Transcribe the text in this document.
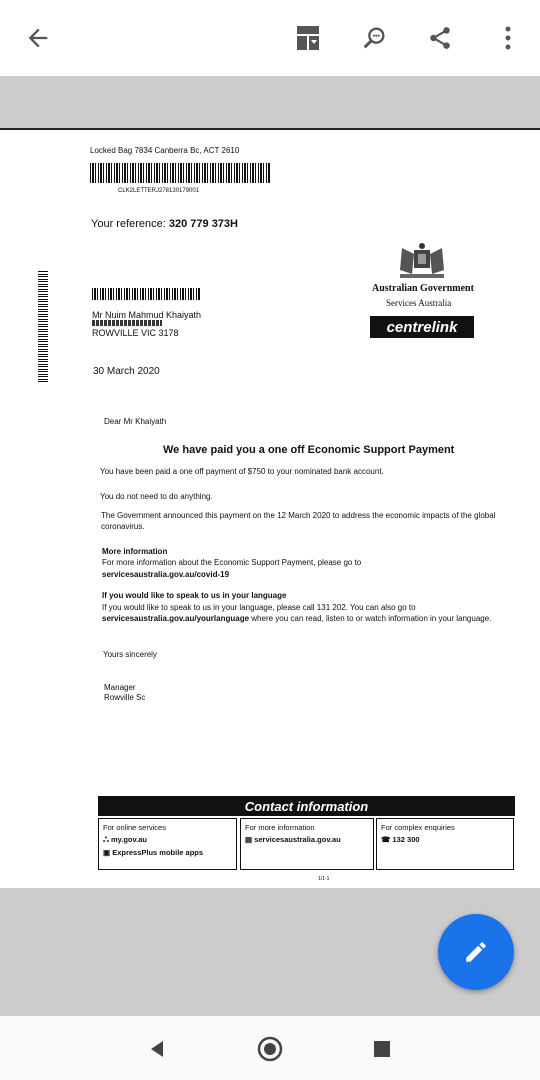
Locked Bag 7834 Canberra Bc, ACT 2610
CLK2LETTERJ278130179001
Your reference: 320 779 373H
Australian Government
Services Australia
centrelink
Mr Nuim Mahmud Khaiyath
ROWVILLE VIC 3178
30 March 2020
Dear Mr Khaiyath
We have paid you a one off Economic Support Payment
You have been paid a one off payment of $750 to your nominated bank account.
You do not need to do anything.
The Government announced this payment on the 12 March 2020 to address the economic impacts of the global coronavirus.
More information
For more information about the Economic Support Payment, please go to
servicesaustralia.gov.au/covid-19
If you would like to speak to us in your language
If you would like to speak to us in your language, please call 131 202. You can also go to
servicesaustralia.gov.au/yourlanguage where you can read, listen to or watch information in your language.
Yours sincerely
Manager
Rowville Sc
Contact information
For online services
ஃ my.gov.au
▣ ExpressPlus mobile apps
For more information
▤ servicesaustralia.gov.au
For complex enquiries
☎ 132 300
1/1-1
